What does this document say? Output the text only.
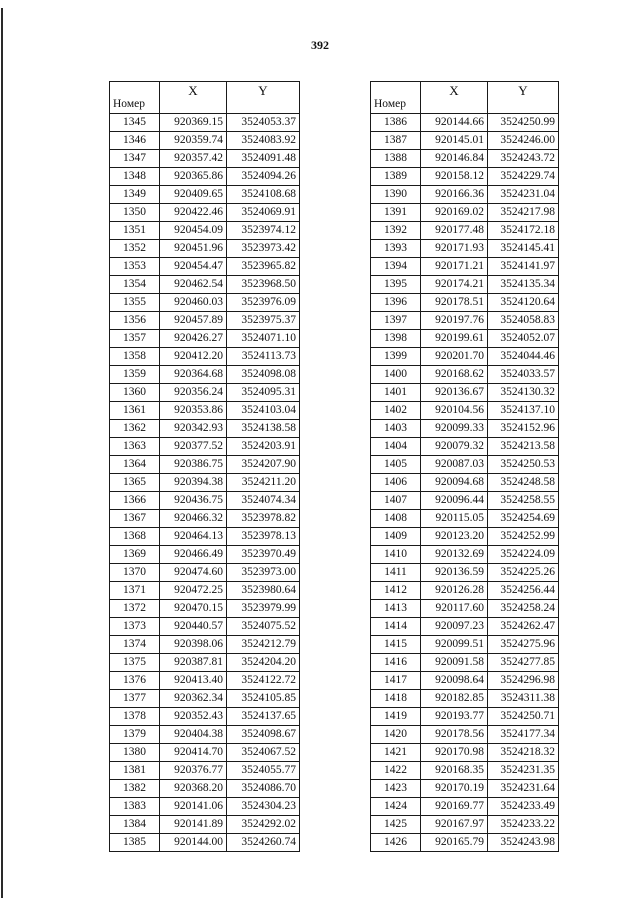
392
Номер	X	Y
1345	920369.15	3524053.37
1346	920359.74	3524083.92
1347	920357.42	3524091.48
1348	920365.86	3524094.26
1349	920409.65	3524108.68
1350	920422.46	3524069.91
1351	920454.09	3523974.12
1352	920451.96	3523973.42
1353	920454.47	3523965.82
1354	920462.54	3523968.50
1355	920460.03	3523976.09
1356	920457.89	3523975.37
1357	920426.27	3524071.10
1358	920412.20	3524113.73
1359	920364.68	3524098.08
1360	920356.24	3524095.31
1361	920353.86	3524103.04
1362	920342.93	3524138.58
1363	920377.52	3524203.91
1364	920386.75	3524207.90
1365	920394.38	3524211.20
1366	920436.75	3524074.34
1367	920466.32	3523978.82
1368	920464.13	3523978.13
1369	920466.49	3523970.49
1370	920474.60	3523973.00
1371	920472.25	3523980.64
1372	920470.15	3523979.99
1373	920440.57	3524075.52
1374	920398.06	3524212.79
1375	920387.81	3524204.20
1376	920413.40	3524122.72
1377	920362.34	3524105.85
1378	920352.43	3524137.65
1379	920404.38	3524098.67
1380	920414.70	3524067.52
1381	920376.77	3524055.77
1382	920368.20	3524086.70
1383	920141.06	3524304.23
1384	920141.89	3524292.02
1385	920144.00	3524260.74
Номер	X	Y
1386	920144.66	3524250.99
1387	920145.01	3524246.00
1388	920146.84	3524243.72
1389	920158.12	3524229.74
1390	920166.36	3524231.04
1391	920169.02	3524217.98
1392	920177.48	3524172.18
1393	920171.93	3524145.41
1394	920171.21	3524141.97
1395	920174.21	3524135.34
1396	920178.51	3524120.64
1397	920197.76	3524058.83
1398	920199.61	3524052.07
1399	920201.70	3524044.46
1400	920168.62	3524033.57
1401	920136.67	3524130.32
1402	920104.56	3524137.10
1403	920099.33	3524152.96
1404	920079.32	3524213.58
1405	920087.03	3524250.53
1406	920094.68	3524248.58
1407	920096.44	3524258.55
1408	920115.05	3524254.69
1409	920123.20	3524252.99
1410	920132.69	3524224.09
1411	920136.59	3524225.26
1412	920126.28	3524256.44
1413	920117.60	3524258.24
1414	920097.23	3524262.47
1415	920099.51	3524275.96
1416	920091.58	3524277.85
1417	920098.64	3524296.98
1418	920182.85	3524311.38
1419	920193.77	3524250.71
1420	920178.56	3524177.34
1421	920170.98	3524218.32
1422	920168.35	3524231.35
1423	920170.19	3524231.64
1424	920169.77	3524233.49
1425	920167.97	3524233.22
1426	920165.79	3524243.98
